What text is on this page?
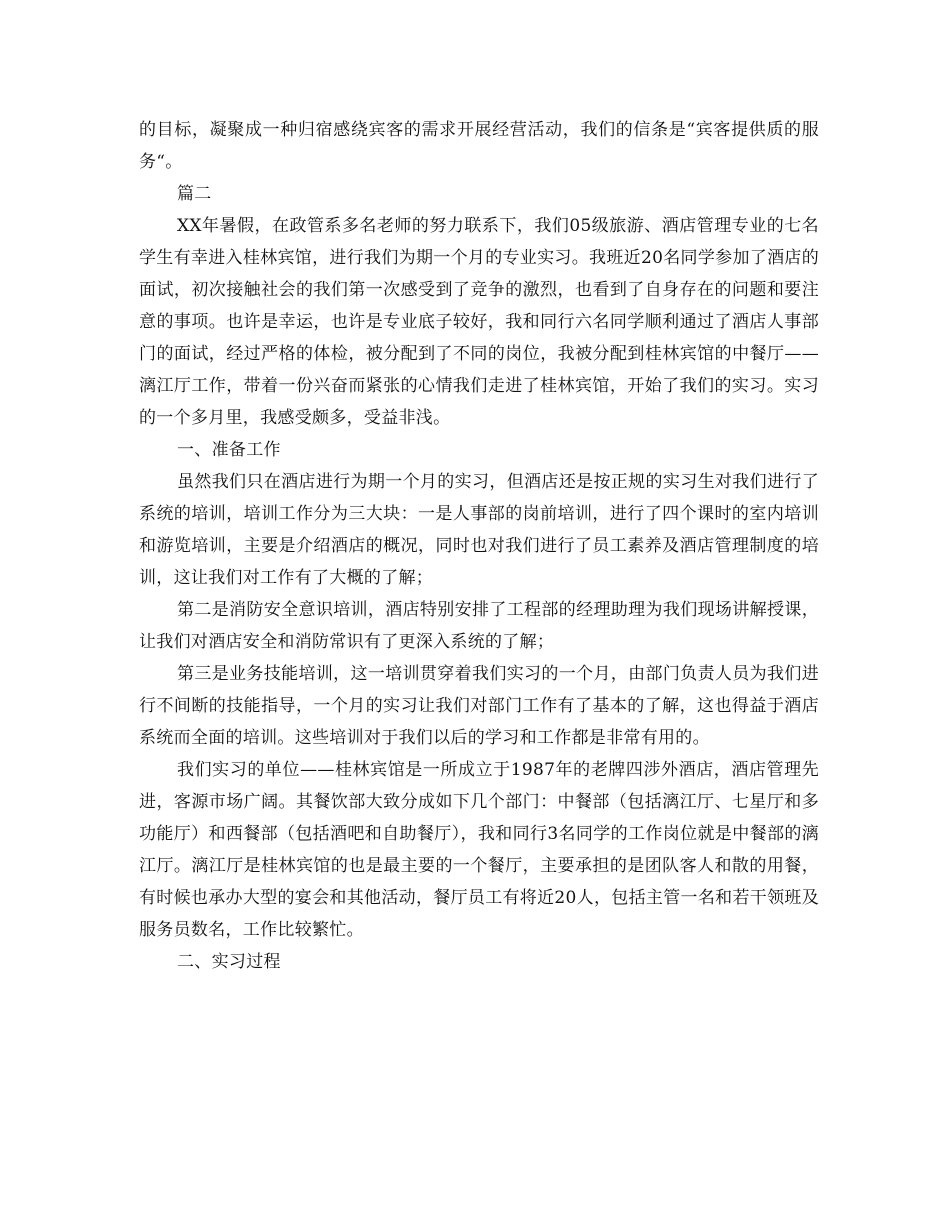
的目标，凝聚成一种归宿感绕宾客的需求开展经营活动，我们的信条是“宾客提供质的服务“。

篇二

XX年暑假，在政管系多名老师的努力联系下，我们05级旅游、酒店管理专业的七名学生有幸进入桂林宾馆，进行我们为期一个月的专业实习。我班近20名同学参加了酒店的面试，初次接触社会的我们第一次感受到了竞争的激烈，也看到了自身存在的问题和要注意的事项。也许是幸运，也许是专业底子较好，我和同行六名同学顺利通过了酒店人事部门的面试，经过严格的体检，被分配到了不同的岗位，我被分配到桂林宾馆的中餐厅——漓江厅工作，带着一份兴奋而紧张的心情我们走进了桂林宾馆，开始了我们的实习。实习的一个多月里，我感受颇多，受益非浅。

一、准备工作

虽然我们只在酒店进行为期一个月的实习，但酒店还是按正规的实习生对我们进行了系统的培训，培训工作分为三大块：一是人事部的岗前培训，进行了四个课时的室内培训和游览培训，主要是介绍酒店的概况，同时也对我们进行了员工素养及酒店管理制度的培训，这让我们对工作有了大概的了解；

第二是消防安全意识培训，酒店特别安排了工程部的经理助理为我们现场讲解授课，让我们对酒店安全和消防常识有了更深入系统的了解；

第三是业务技能培训，这一培训贯穿着我们实习的一个月，由部门负责人员为我们进行不间断的技能指导，一个月的实习让我们对部门工作有了基本的了解，这也得益于酒店系统而全面的培训。这些培训对于我们以后的学习和工作都是非常有用的。

我们实习的单位——桂林宾馆是一所成立于1987年的老牌四涉外酒店，酒店管理先进，客源市场广阔。其餐饮部大致分成如下几个部门：中餐部（包括漓江厅、七星厅和多功能厅）和西餐部（包括酒吧和自助餐厅），我和同行3名同学的工作岗位就是中餐部的漓江厅。漓江厅是桂林宾馆的也是最主要的一个餐厅，主要承担的是团队客人和散的用餐，有时候也承办大型的宴会和其他活动，餐厅员工有将近20人，包括主管一名和若干领班及服务员数名，工作比较繁忙。

二、实习过程
